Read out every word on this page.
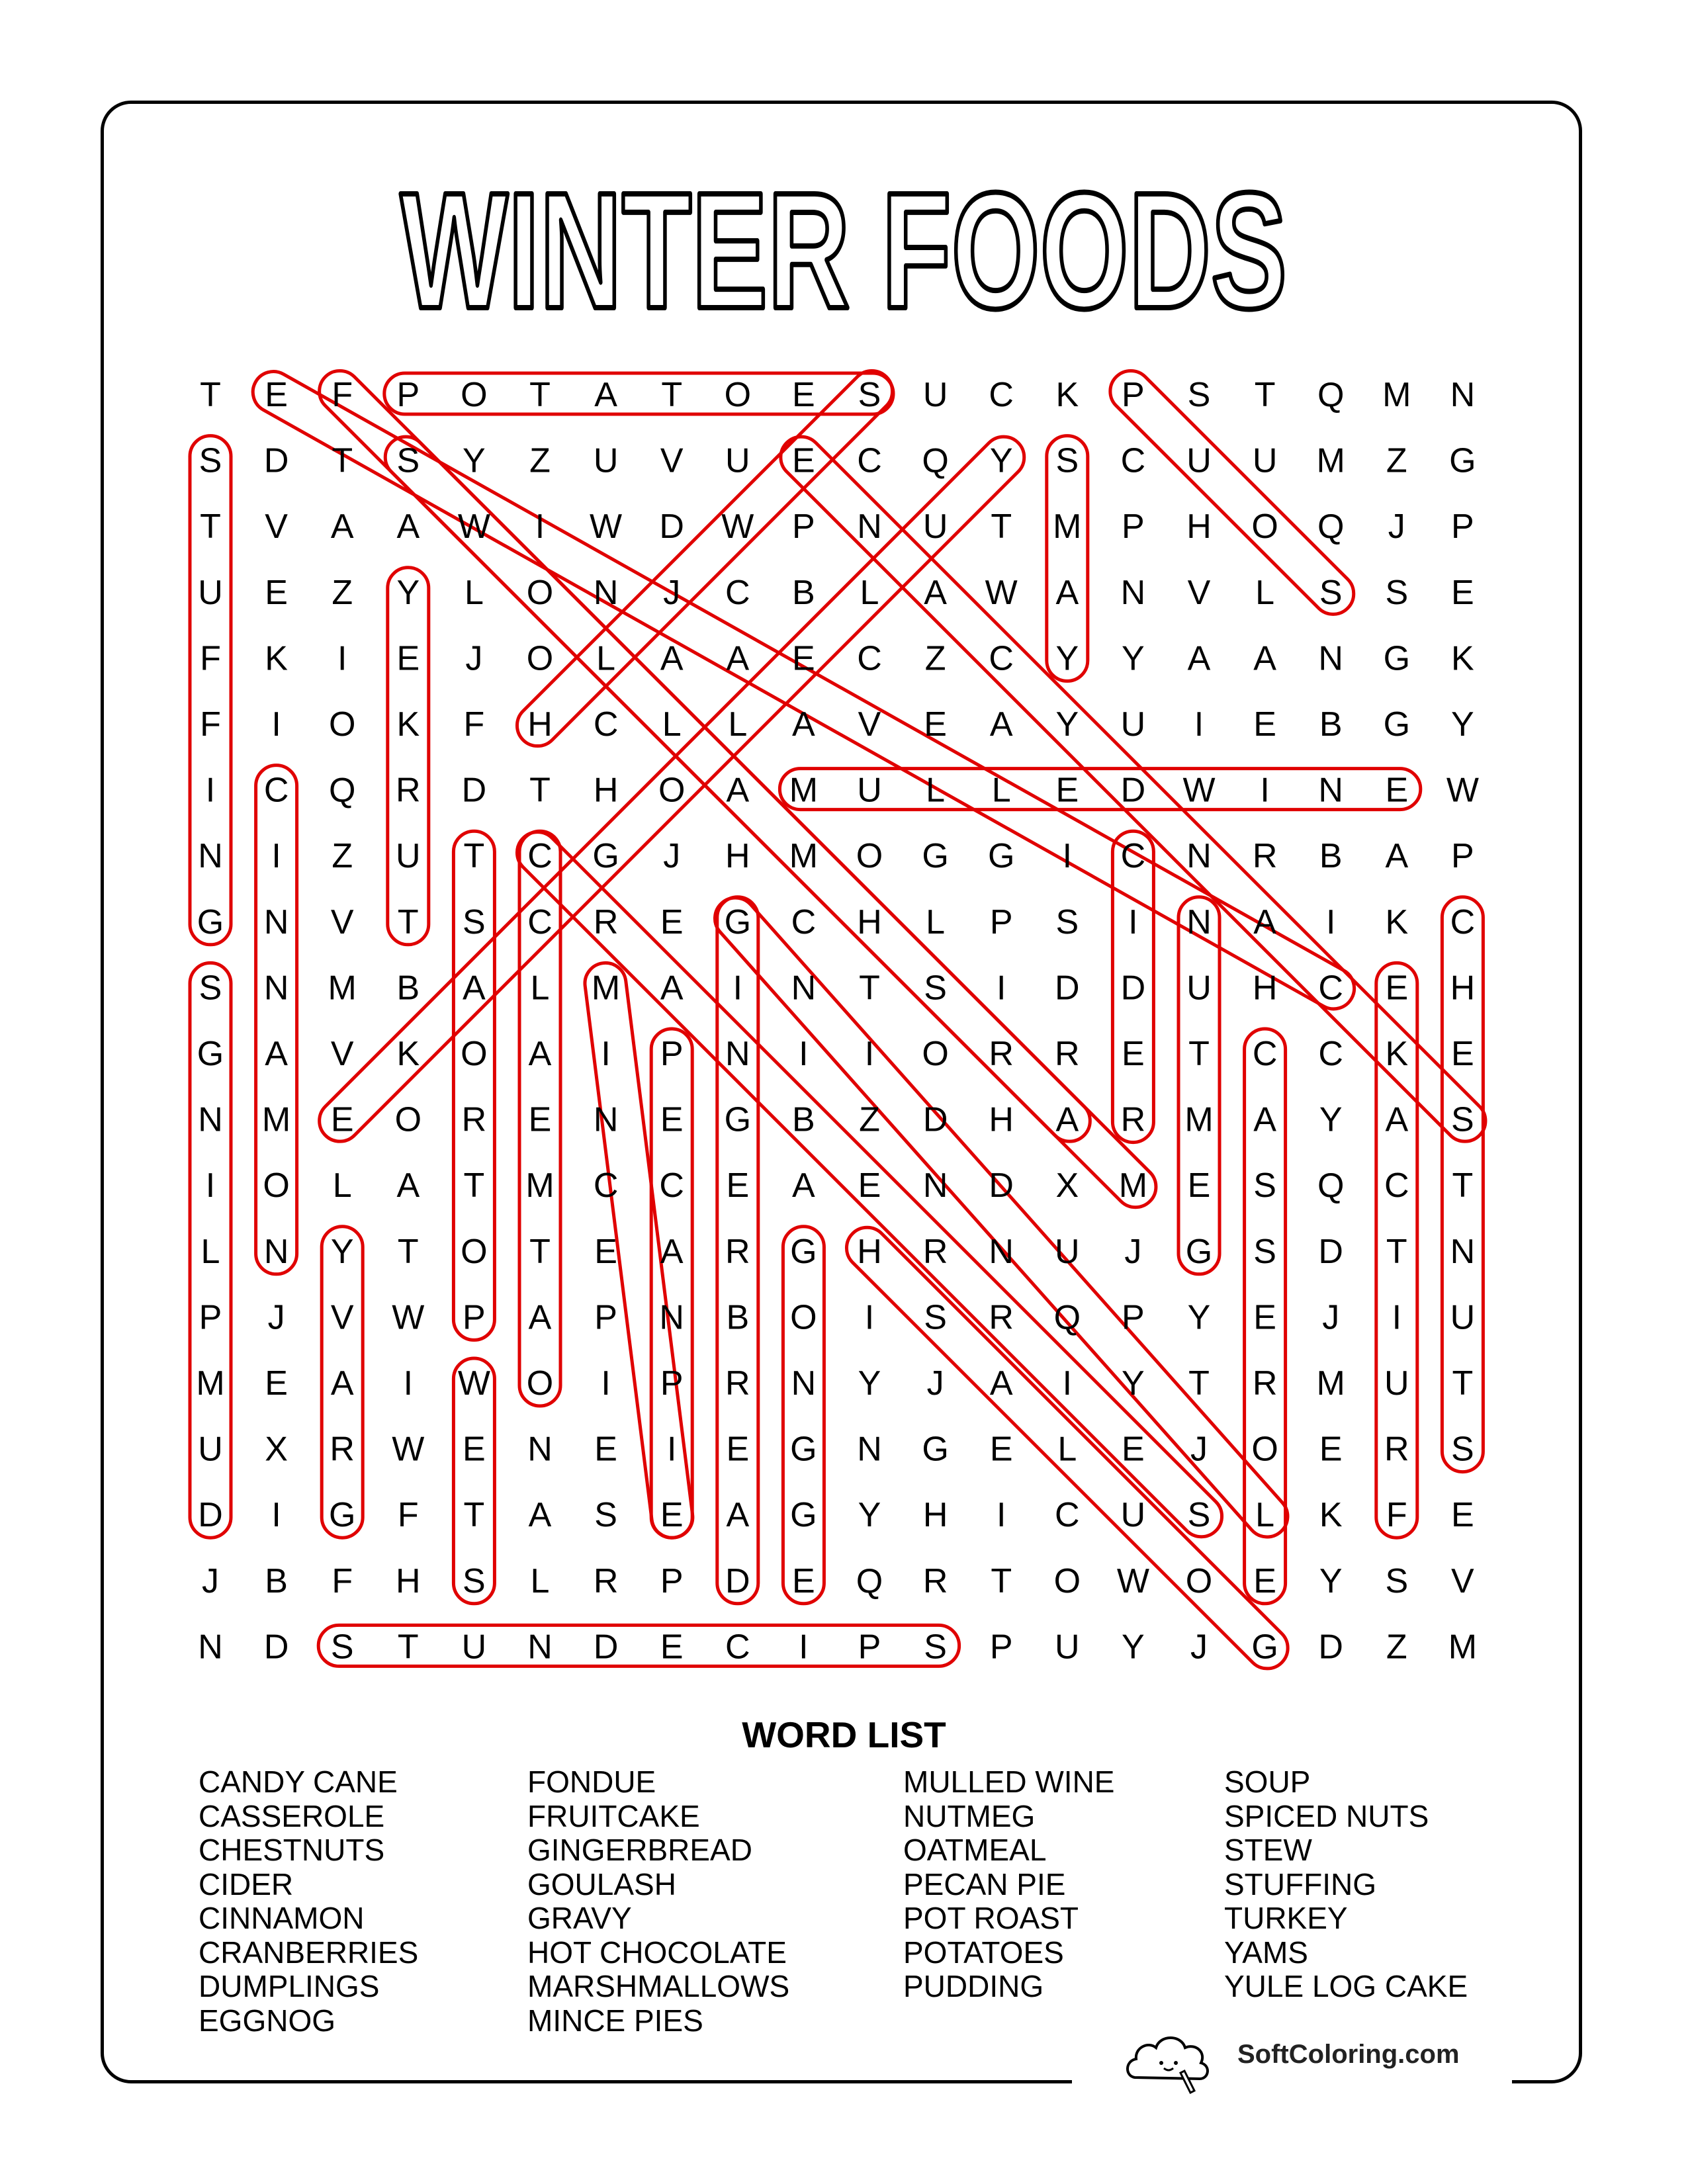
WINTER FOODS
T E F P O T A T O E S U C K P S T Q M N
S D T S Y Z U V U E C Q Y S C U U M Z G
T V A A W I W D W P N U T M P H O Q J P
U E Z Y L O N J C B L A W A N V L S S E
F K I E J O L A A E C Z C Y Y A A N G K
F I O K F H C L L A V E A Y U I E B G Y
I C Q R D T H O A M U L L E D W I N E W
N I Z U T C G J H M O G G I C N R B A P
G N V T S C R E G C H L P S I N A I K C
S N M B A L M A I N T S I D D U H C E H
G A V K O A I P N I I O R R E T C C K E
N M E O R E N E G B Z D H A R M A Y A S
I O L A T M C C E A E N D X M E S Q C T
L N Y T O T E A R G H R N U J G S D T N
P J V W P A P N B O I S R Q P Y E J I U
M E A I W O I P R N Y J A I Y T R M U T
U X R W E N E I E G N G E L E J O E R S
D I G F T A S E A G Y H I C U S L K F E
J B F H S L R P D E Q R T O W O E Y S V
N D S T U N D E C I P S P U Y J G D Z M
WORD LIST
CANDY CANE
CASSEROLE
CHESTNUTS
CIDER
CINNAMON
CRANBERRIES
DUMPLINGS
EGGNOG
FONDUE
FRUITCAKE
GINGERBREAD
GOULASH
GRAVY
HOT CHOCOLATE
MARSHMALLOWS
MINCE PIES
MULLED WINE
NUTMEG
OATMEAL
PECAN PIE
POT ROAST
POTATOES
PUDDING
SOUP
SPICED NUTS
STEW
STUFFING
TURKEY
YAMS
YULE LOG CAKE
SoftColoring.com
